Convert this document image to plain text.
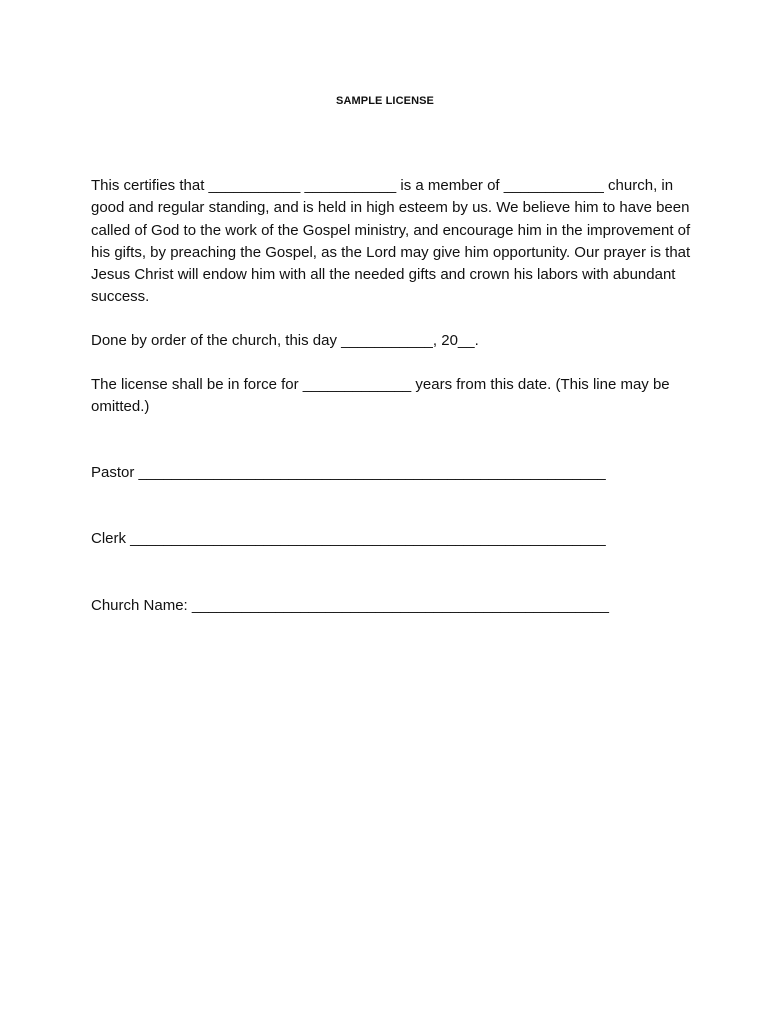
SAMPLE LICENSE
This certifies that ___________ ___________ is a member of ____________ church, in good and regular standing, and is held in high esteem by us. We believe him to have been called of God to the work of the Gospel ministry, and encourage him in the improvement of his gifts, by preaching the Gospel, as the Lord may give him opportunity. Our prayer is that Jesus Christ will endow him with all the needed gifts and crown his labors with abundant success.
Done by order of the church, this day ___________, 20__.
The license shall be in force for _____________ years from this date. (This line may be omitted.)
Pastor ________________________________________________________
Clerk _________________________________________________________
Church Name: __________________________________________________
